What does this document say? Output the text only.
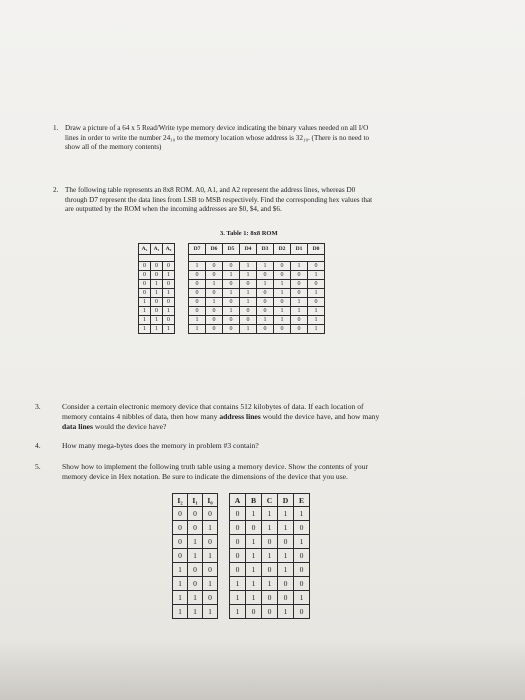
1. Draw a picture of a 64 x 5 Read/Write type memory device indicating the binary values needed on all I/O
lines in order to write the number 24₁₀ to the memory location whose address is 32₁₀. (There is no need to
show all of the memory contents)
2. The following table represents an 8x8 ROM. A0, A1, and A2 represent the address lines, whereas D0
through D7 represent the data lines from LSB to MSB respectively. Find the corresponding hex values that
are outputted by the ROM when the incoming addresses are $0, $4, and $6.
3. Table 1: 8x8 ROM
A₂	A₁	A₀		D7	D6	D5	D4	D3	D2	D1	D0

0	0	0		1	0	0	1	1	0	1	0
0	0	1		0	0	1	1	0	0	0	1
0	1	0		0	1	0	0	1	1	0	0
0	1	1		0	0	1	1	0	1	0	1
1	0	0		0	1	0	1	0	0	1	0
1	0	1		0	0	1	0	0	1	1	1
1	1	0		1	0	0	0	1	1	0	1
1	1	1		1	0	0	1	0	0	0	1
3.	Consider a certain electronic memory device that contains 512 kilobytes of data. If each location of
memory contains 4 nibbles of data, then how many address lines would the device have, and how many
data lines would the device have?
4.	How many mega-bytes does the memory in problem #3 contain?
5.	Show how to implement the following truth table using a memory device. Show the contents of your
memory device in Hex notation. Be sure to indicate the dimensions of the device that you use.
I₂	I₁	I₀		A	B	C	D	E
0	0	0		0	1	1	1	1
0	0	1		0	0	1	1	0
0	1	0		0	1	0	0	1
0	1	1		0	1	1	1	0
1	0	0		0	1	0	1	0
1	0	1		1	1	1	0	0
1	1	0		1	1	0	0	1
1	1	1		1	0	0	1	0
